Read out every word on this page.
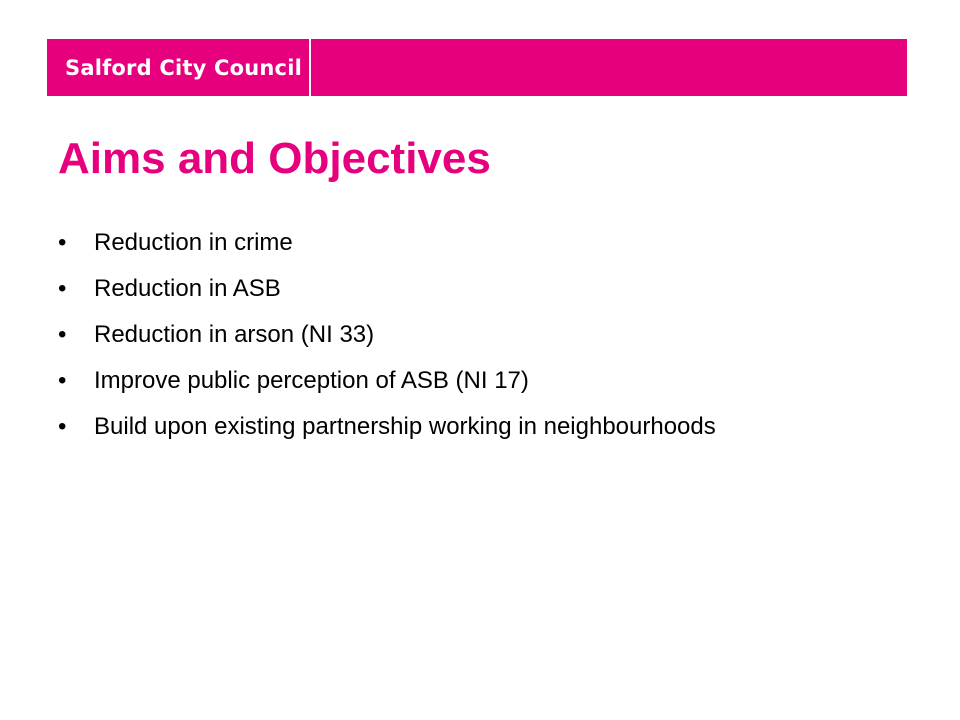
Salford City Council
Aims and Objectives
•	Reduction in crime
•	Reduction in ASB
•	Reduction in arson (NI 33)
•	Improve public perception of ASB (NI 17)
•	Build upon existing partnership working in neighbourhoods
